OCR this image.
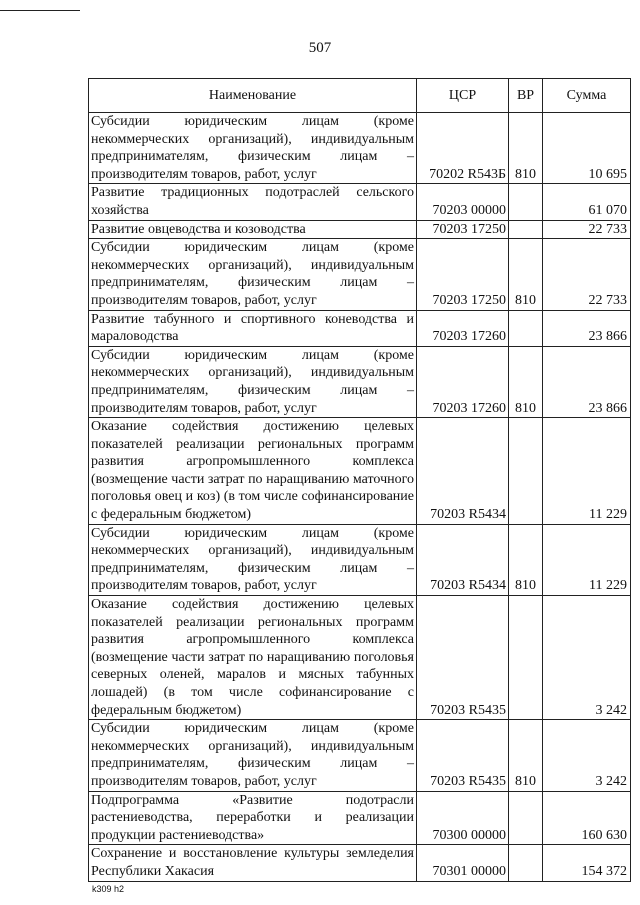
507
Наименование	ЦСР	ВР	Сумма
Субсидии юридическим лицам (кроме некоммерческих организаций), индивидуальным предпринимателям, физическим лицам – производителям товаров, работ, услуг	70202 R543Б	810	10 695
Развитие традиционных подотраслей сельского хозяйства	70203 00000		61 070
Развитие овцеводства и козоводства	70203 17250		22 733
Субсидии юридическим лицам (кроме некоммерческих организаций), индивидуальным предпринимателям, физическим лицам – производителям товаров, работ, услуг	70203 17250	810	22 733
Развитие табунного и спортивного коневодства и мараловодства	70203 17260		23 866
Субсидии юридическим лицам (кроме некоммерческих организаций), индивидуальным предпринимателям, физическим лицам – производителям товаров, работ, услуг	70203 17260	810	23 866
Оказание содействия достижению целевых показателей реализации региональных программ развития агропромышленного комплекса (возмещение части затрат по наращиванию маточного поголовья овец и коз) (в том числе софинансирование с федеральным бюджетом)	70203 R5434		11 229
Субсидии юридическим лицам (кроме некоммерческих организаций), индивидуальным предпринимателям, физическим лицам – производителям товаров, работ, услуг	70203 R5434	810	11 229
Оказание содействия достижению целевых показателей реализации региональных программ развития агропромышленного комплекса (возмещение части затрат по наращиванию поголовья северных оленей, маралов и мясных табунных лошадей) (в том числе софинансирование с федеральным бюджетом)	70203 R5435		3 242
Субсидии юридическим лицам (кроме некоммерческих организаций), индивидуальным предпринимателям, физическим лицам – производителям товаров, работ, услуг	70203 R5435	810	3 242
Подпрограмма «Развитие подотрасли растениеводства, переработки и реализации продукции растениеводства»	70300 00000		160 630
Сохранение и восстановление культуры земледелия Республики Хакасия	70301 00000		154 372
k309 h2
